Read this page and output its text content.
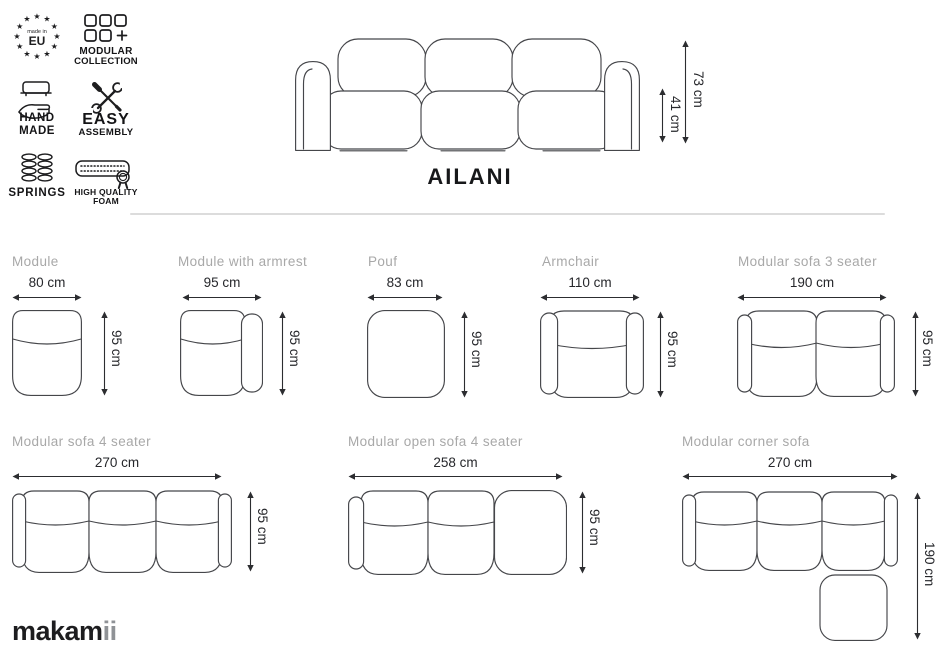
★ ★
★
★
★
★
★
★
★
★
★
★
made in
EU
MODULAR
COLLECTION
HAND
MADE
EASY
ASSEMBLY
SPRINGS HIGH QUALITY
FOAM
41 cm
73 cm
AILANI
Module
80 cm
95 cm
Module with armrest
95 cm
95 cm
Pouf
83 cm
95 cm
Armchair
110 cm
95 cm
Modular sofa 3 seater
190 cm
95 cm
Modular sofa 4 seater
270 cm
95 cm
Modular open sofa 4 seater
258 cm
95 cm
Modular corner sofa
270 cm
190 cm
makamii
